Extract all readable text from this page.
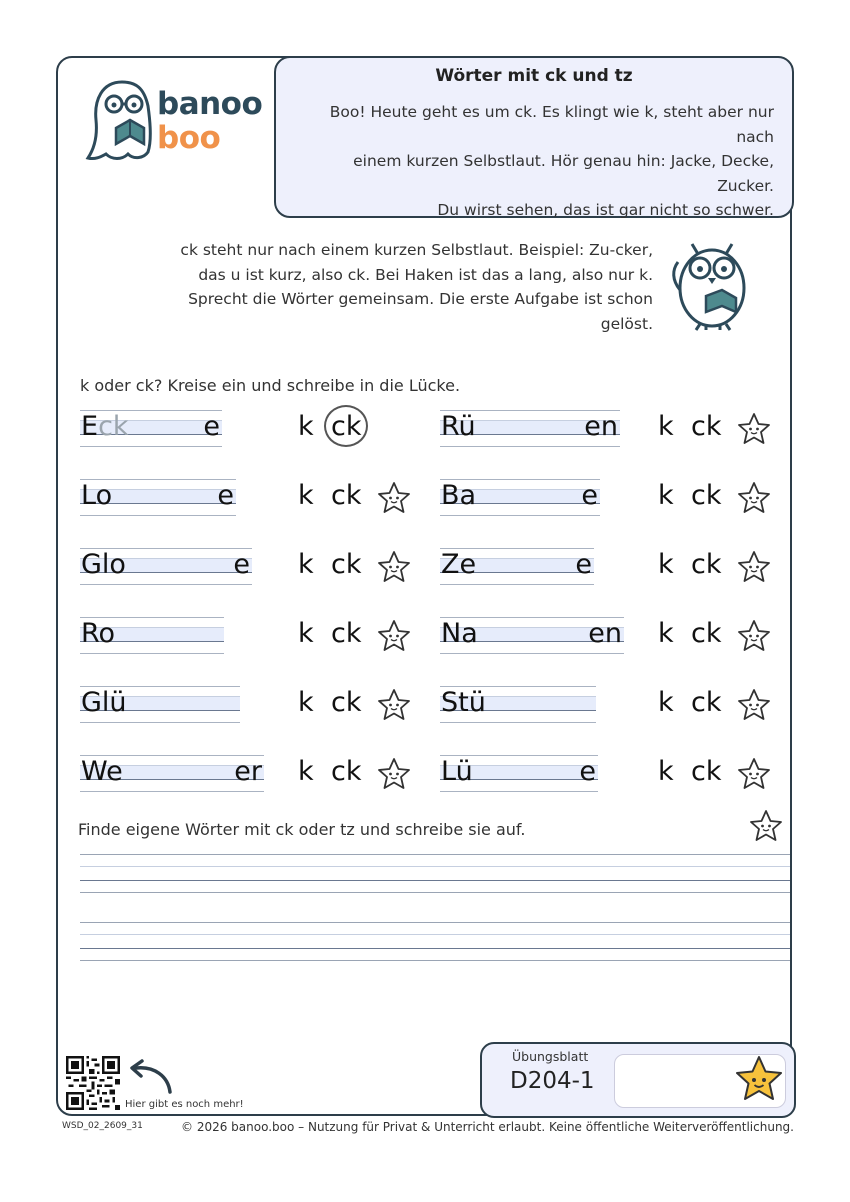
banoo
boo
Wörter mit ck und tz
Boo! Heute geht es um ck. Es klingt wie k, steht aber nur nach
einem kurzen Selbstlaut. Hör genau hin: Jacke, Decke, Zucker.
Du wirst sehen, das ist gar nicht so schwer.
ck steht nur nach einem kurzen Selbstlaut. Beispiel: Zu-cker,
das u ist kurz, also ck. Bei Haken ist das a lang, also nur k.
Sprecht die Wörter gemeinsam. Die erste Aufgabe ist schon
gelöst.
k oder ck? Kreise ein und schreibe in die Lücke.
Eck	e	k ck	Rü	en k ck
Lo	e k ck	Ba	e k ck
Glo	e k ck	Ze	e k ck
Ro	k ck	Na	en k ck
Glü	k ck	Stü	k ck
We	er k ck	Lü	e k ck
Finde eigene Wörter mit ck oder tz und schreibe sie auf.
Hier gibt es noch mehr!
Übungsblatt
D204-1
WSD_02_2609_31	© 2026 banoo.boo – Nutzung für Privat & Unterricht erlaubt. Keine öffentliche Weiterveröffentlichung.
